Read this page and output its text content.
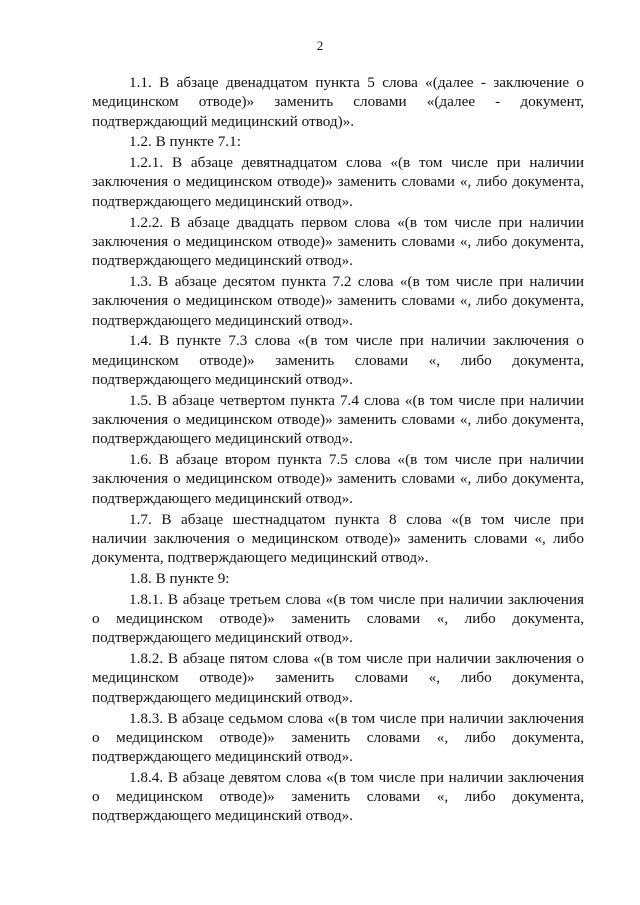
2

1.1. В абзаце двенадцатом пункта 5 слова «(далее - заключение о медицинском отводе)» заменить словами «(далее - документ, подтверждающий медицинский отвод)».

1.2. В пункте 7.1:

1.2.1. В абзаце девятнадцатом слова «(в том числе при наличии заключения о медицинском отводе)» заменить словами «, либо документа, подтверждающего медицинский отвод».

1.2.2. В абзаце двадцать первом слова «(в том числе при наличии заключения о медицинском отводе)» заменить словами «, либо документа, подтверждающего медицинский отвод».

1.3. В абзаце десятом пункта 7.2 слова «(в том числе при наличии заключения о медицинском отводе)» заменить словами «, либо документа, подтверждающего медицинский отвод».

1.4. В пункте 7.3 слова «(в том числе при наличии заключения о медицинском отводе)» заменить словами «, либо документа, подтверждающего медицинский отвод».

1.5. В абзаце четвертом пункта 7.4 слова «(в том числе при наличии заключения о медицинском отводе)» заменить словами «, либо документа, подтверждающего медицинский отвод».

1.6. В абзаце втором пункта 7.5 слова «(в том числе при наличии заключения о медицинском отводе)» заменить словами «, либо документа, подтверждающего медицинский отвод».

1.7. В абзаце шестнадцатом пункта 8 слова «(в том числе при наличии заключения о медицинском отводе)» заменить словами «, либо документа, подтверждающего медицинский отвод».

1.8. В пункте 9:

1.8.1. В абзаце третьем слова «(в том числе при наличии заключения о медицинском отводе)» заменить словами «, либо документа, подтверждающего медицинский отвод».

1.8.2. В абзаце пятом слова «(в том числе при наличии заключения о медицинском отводе)» заменить словами «, либо документа, подтверждающего медицинский отвод».

1.8.3. В абзаце седьмом слова «(в том числе при наличии заключения о медицинском отводе)» заменить словами «, либо документа, подтверждающего медицинский отвод».

1.8.4. В абзаце девятом слова «(в том числе при наличии заключения о медицинском отводе)» заменить словами «, либо документа, подтверждающего медицинский отвод».
